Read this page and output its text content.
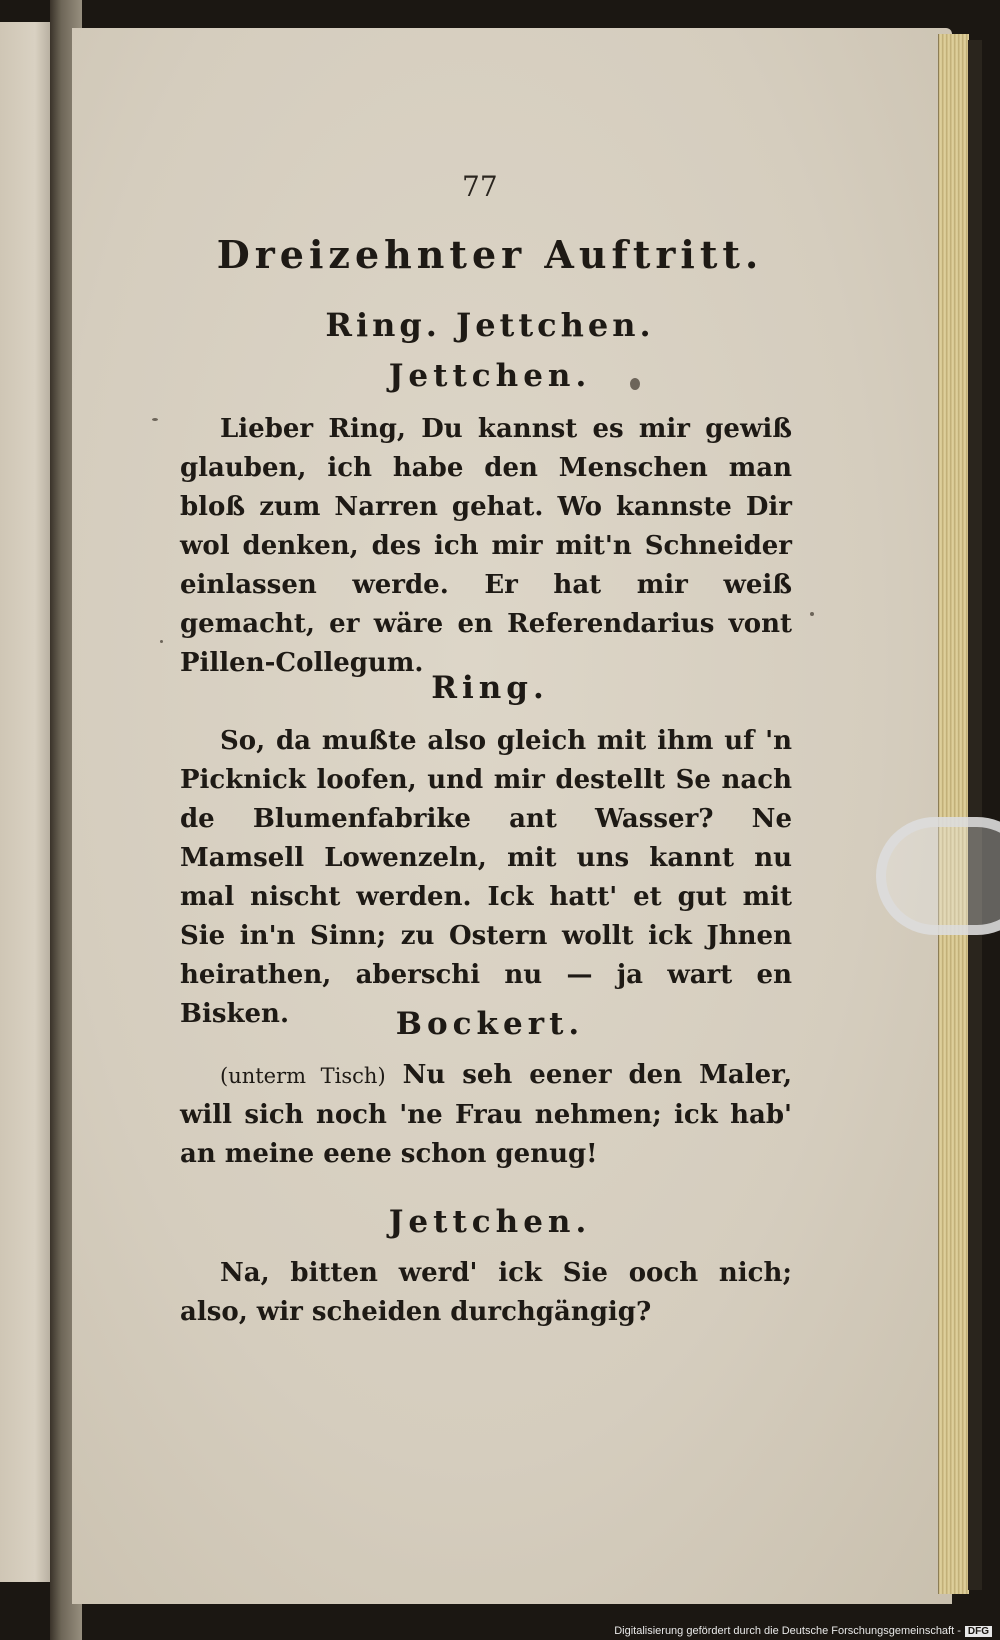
77
Dreizehnter Auftritt.
Ring. Jettchen.
Jettchen.
Lieber Ring, Du kannst es mir gewiß glauben, ich habe den Menschen man bloß zum Narren gehat. Wo kannste Dir wol denken, des ich mir mit'n Schneider einlassen werde. Er hat mir weiß gemacht, er wäre en Referendarius vont Pillen-Collegum.
Ring.
So, da mußte also gleich mit ihm uf 'n Picknick loofen, und mir destellt Se nach de Blumenfabrike ant Wasser? Ne Mamsell Lowenzeln, mit uns kannt nu mal nischt werden. Ick hatt' et gut mit Sie in'n Sinn; zu Ostern wollt ick Jhnen heirathen, aberschi nu — ja wart en Bisken.	Bockert.
(unterm Tisch) Nu seh eener den Maler, will sich noch 'ne Frau nehmen; ick hab' an meine eene schon genug!
Jettchen.
Na, bitten werd' ick Sie ooch nich; also, wir scheiden durchgängig?
Digitalisierung gefördert durch die Deutsche Forschungsgemeinschaft - DFG
